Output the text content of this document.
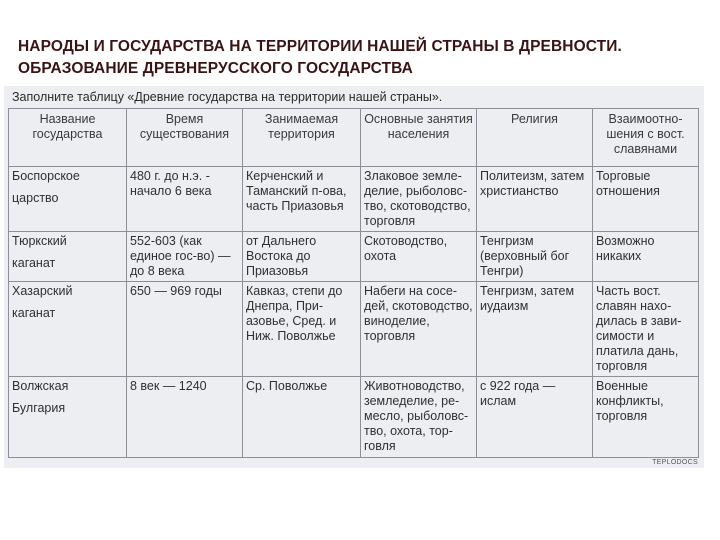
НАРОДЫ И ГОСУДАРСТВА НА ТЕРРИТОРИИ НАШЕЙ СТРАНЫ В ДРЕВНОСТИ.
ОБРАЗОВАНИЕ ДРЕВНЕРУССКОГО ГОСУДАРСТВА
Заполните таблицу «Древние государства на территории нашей страны».
Название государства	Время существования	Занимаемая территория	Основные занятия населения	Религия	Взаимоотношения с вост. славянами

Боспорское
царство	480 г. до н.э. - начало 6 века	Керченский и Таманский п-ова, часть Приазовья	Злаковое земледелие, рыболовство, скотоводство, торговля	Политеизм, затем христианство	Торговые отношения

Тюркский
каганат	552-603 (как единое гос-во) — до 8 века	от Дальнего Востока до Приазовья	Скотоводство, охота	Тенгризм (верховный бог Тенгри)	Возможно никаких

Хазарский
каганат	650 — 969 годы	Кавказ, степи до Днепра, Приазовье, Сред. и Ниж. Поволжье	Набеги на соседей, скотоводство, виноделие, торговля	Тенгризм, затем иудаизм	Часть вост. славян находилась в зависимости и платила дань, торговля

Волжская
Булгария	8 век — 1240	Ср. Поволжье	Животноводство, земледелие, ремесло, рыболовство, охота, торговля	с 922 года — ислам	Военные конфликты, торговля
TEPLODOCS
